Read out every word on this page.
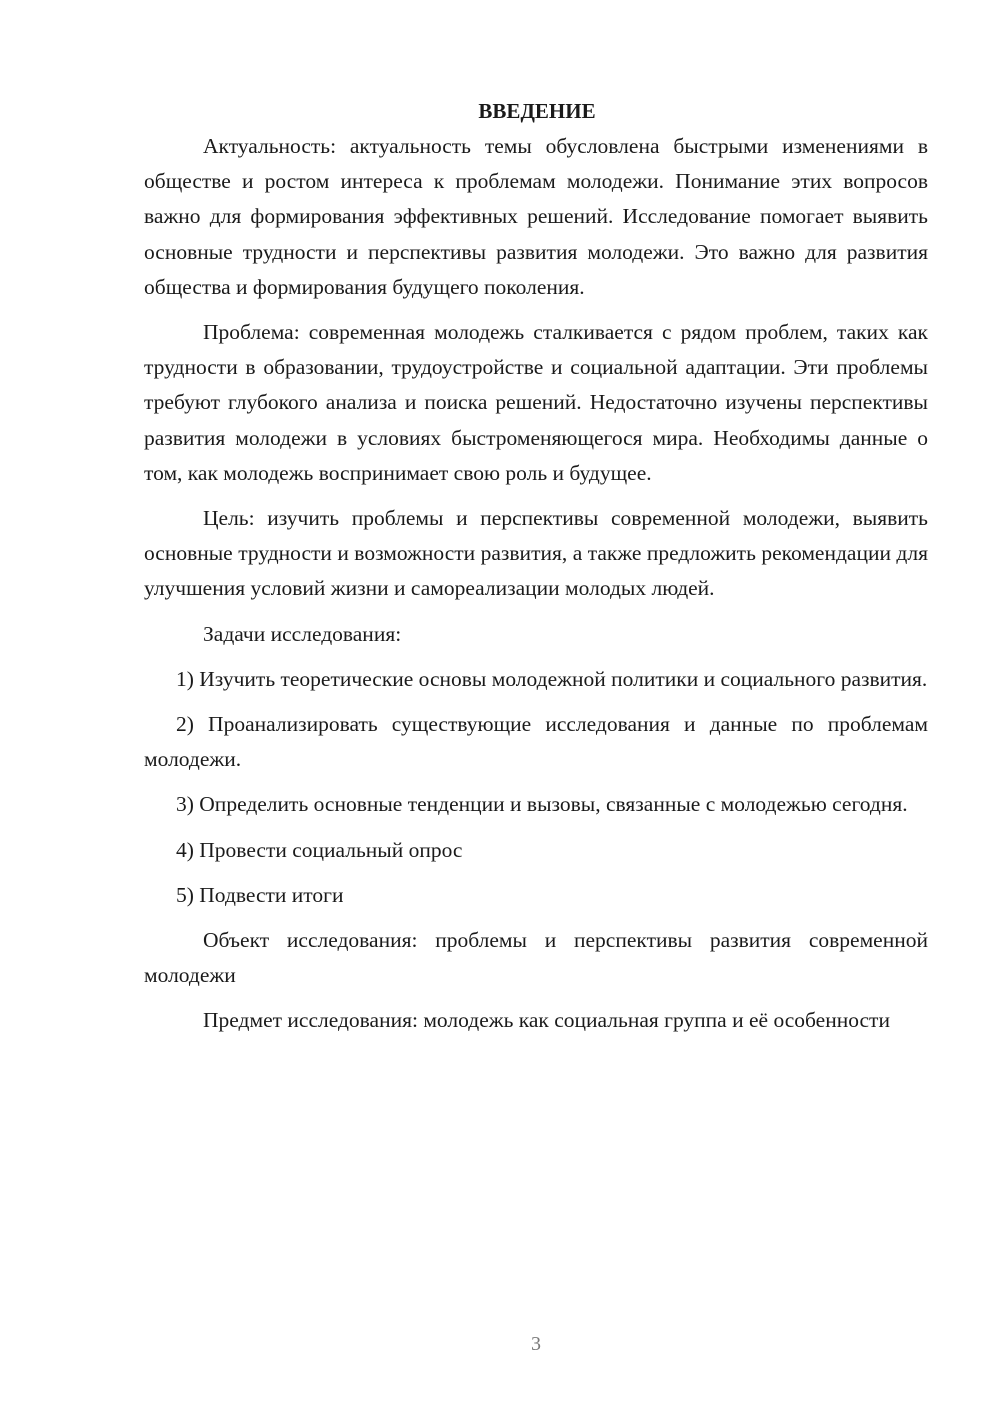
ВВЕДЕНИЕ

Актуальность: актуальность темы обусловлена быстрыми изменениями в обществе и ростом интереса к проблемам молодежи. Понимание этих вопросов важно для формирования эффективных решений. Исследование помогает выявить основные трудности и перспективы развития молодежи. Это важно для развития общества и формирования будущего поколения.

Проблема: современная молодежь сталкивается с рядом проблем, таких как трудности в образовании, трудоустройстве и социальной адаптации. Эти проблемы требуют глубокого анализа и поиска решений. Недостаточно изучены перспективы развития молодежи в условиях быстроменяющегося мира. Необходимы данные о том, как молодежь воспринимает свою роль и будущее.

Цель: изучить проблемы и перспективы современной молодежи, выявить основные трудности и возможности развития, а также предложить рекомендации для улучшения условий жизни и самореализации молодых людей.

Задачи исследования:

1) Изучить теоретические основы молодежной политики и социального развития.

2) Проанализировать существующие исследования и данные по проблемам молодежи.

3) Определить основные тенденции и вызовы, связанные с молодежью сегодня.

4) Провести социальный опрос

5) Подвести итоги

Объект исследования: проблемы и перспективы развития современной молодежи

Предмет исследования: молодежь как социальная группа и её особенности

3
